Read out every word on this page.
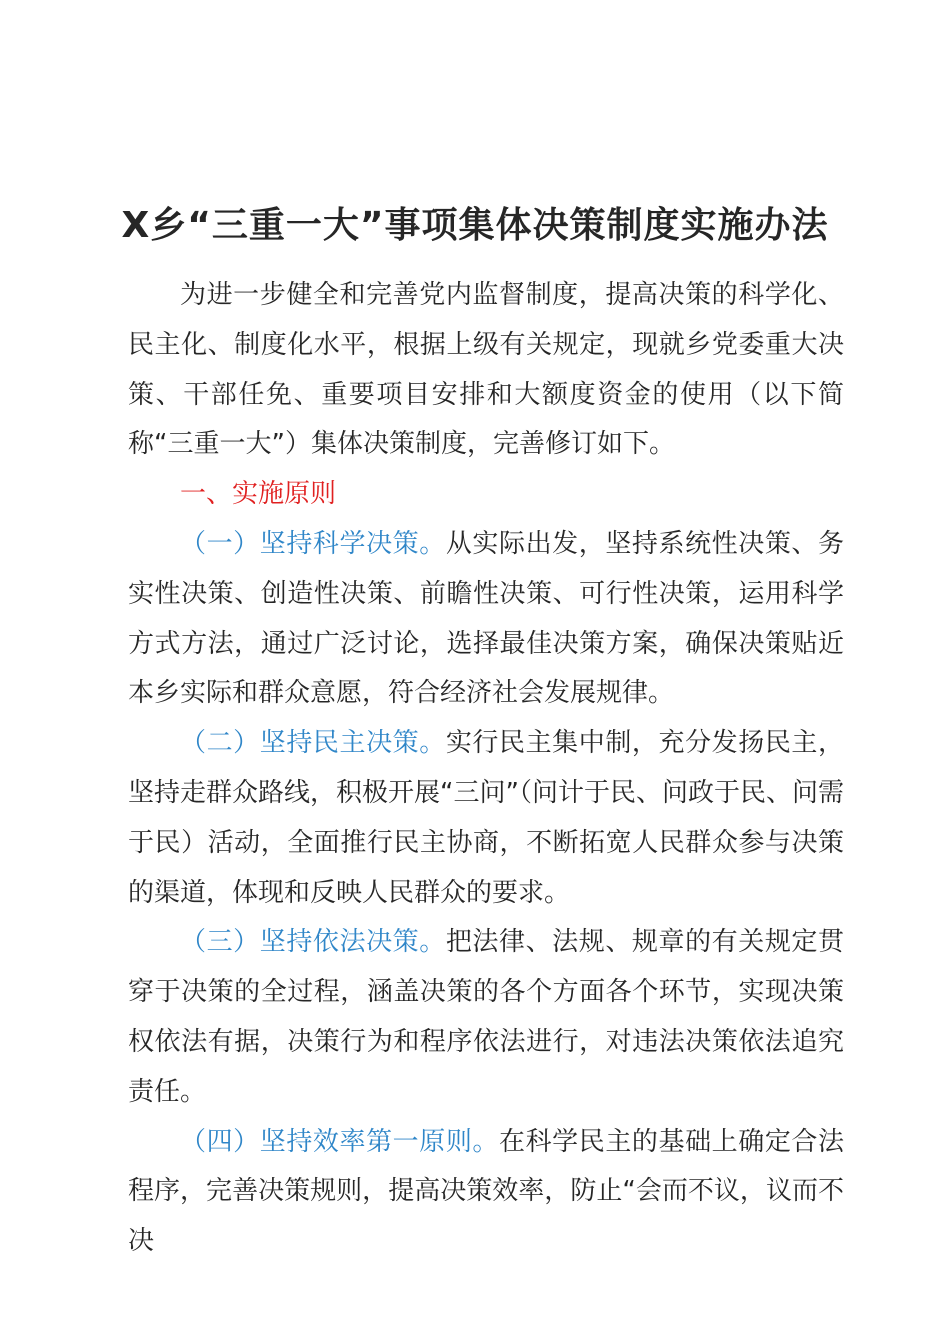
X乡“三重一大”事项集体决策制度实施办法

为进一步健全和完善党内监督制度，提高决策的科学化、民主化、制度化水平，根据上级有关规定，现就乡党委重大决策、干部任免、重要项目安排和大额度资金的使用（以下简称“三重一大”）集体决策制度，完善修订如下。

一、实施原则

（一）坚持科学决策。从实际出发，坚持系统性决策、务实性决策、创造性决策、前瞻性决策、可行性决策，运用科学方式方法，通过广泛讨论，选择最佳决策方案，确保决策贴近本乡实际和群众意愿，符合经济社会发展规律。

（二）坚持民主决策。实行民主集中制，充分发扬民主，坚持走群众路线，积极开展“三问”（问计于民、问政于民、问需于民）活动，全面推行民主协商，不断拓宽人民群众参与决策的渠道，体现和反映人民群众的要求。

（三）坚持依法决策。把法律、法规、规章的有关规定贯穿于决策的全过程，涵盖决策的各个方面各个环节，实现决策权依法有据，决策行为和程序依法进行，对违法决策依法追究责任。

（四）坚持效率第一原则。在科学民主的基础上确定合法程序，完善决策规则，提高决策效率，防止“会而不议，议而不决
